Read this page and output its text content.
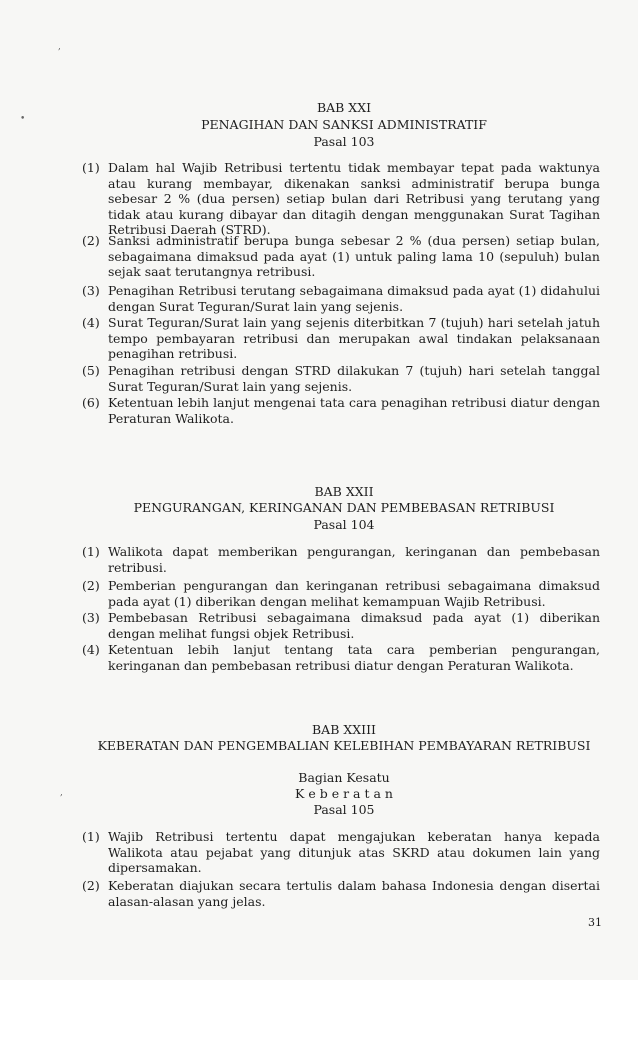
,
•
,
BAB XXI
PENAGIHAN DAN SANKSI ADMINISTRATIF
Pasal 103
(1) Dalam hal Wajib Retribusi tertentu tidak membayar tepat pada waktunya atau kurang membayar, dikenakan sanksi administratif berupa bunga sebesar 2 % (dua persen) setiap bulan dari Retribusi yang terutang yang tidak atau kurang dibayar dan ditagih dengan menggunakan Surat Tagihan Retribusi Daerah (STRD).
(2) Sanksi administratif berupa bunga sebesar 2 % (dua persen) setiap bulan, sebagaimana dimaksud pada ayat (1) untuk paling lama 10 (sepuluh) bulan sejak saat terutangnya retribusi.
(3) Penagihan Retribusi terutang sebagaimana dimaksud pada ayat (1) didahului dengan Surat Teguran/Surat lain yang sejenis.
(4) Surat Teguran/Surat lain yang sejenis diterbitkan 7 (tujuh) hari setelah jatuh tempo pembayaran retribusi dan merupakan awal tindakan pelaksanaan penagihan retribusi.
(5) Penagihan retribusi dengan STRD dilakukan 7 (tujuh) hari setelah tanggal Surat Teguran/Surat lain yang sejenis.
(6) Ketentuan lebih lanjut mengenai tata cara penagihan retribusi diatur dengan Peraturan Walikota.
BAB XXII
PENGURANGAN, KERINGANAN DAN PEMBEBASAN RETRIBUSI
Pasal 104
(1) Walikota dapat memberikan pengurangan, keringanan dan pembebasan retribusi.
(2) Pemberian pengurangan dan keringanan retribusi sebagaimana dimaksud pada ayat (1) diberikan dengan melihat kemampuan Wajib Retribusi.
(3) Pembebasan Retribusi sebagaimana dimaksud pada ayat (1) diberikan dengan melihat fungsi objek Retribusi.
(4) Ketentuan lebih lanjut tentang tata cara pemberian pengurangan, keringanan dan pembebasan retribusi diatur dengan Peraturan Walikota.
BAB XXIII
KEBERATAN DAN PENGEMBALIAN KELEBIHAN PEMBAYARAN RETRIBUSI
Bagian Kesatu
K e b e r a t a n
Pasal 105
(1) Wajib Retribusi tertentu dapat mengajukan keberatan hanya kepada Walikota atau pejabat yang ditunjuk atas SKRD atau dokumen lain yang dipersamakan.
(2) Keberatan diajukan secara tertulis dalam bahasa Indonesia dengan disertai alasan-alasan yang jelas.
31
